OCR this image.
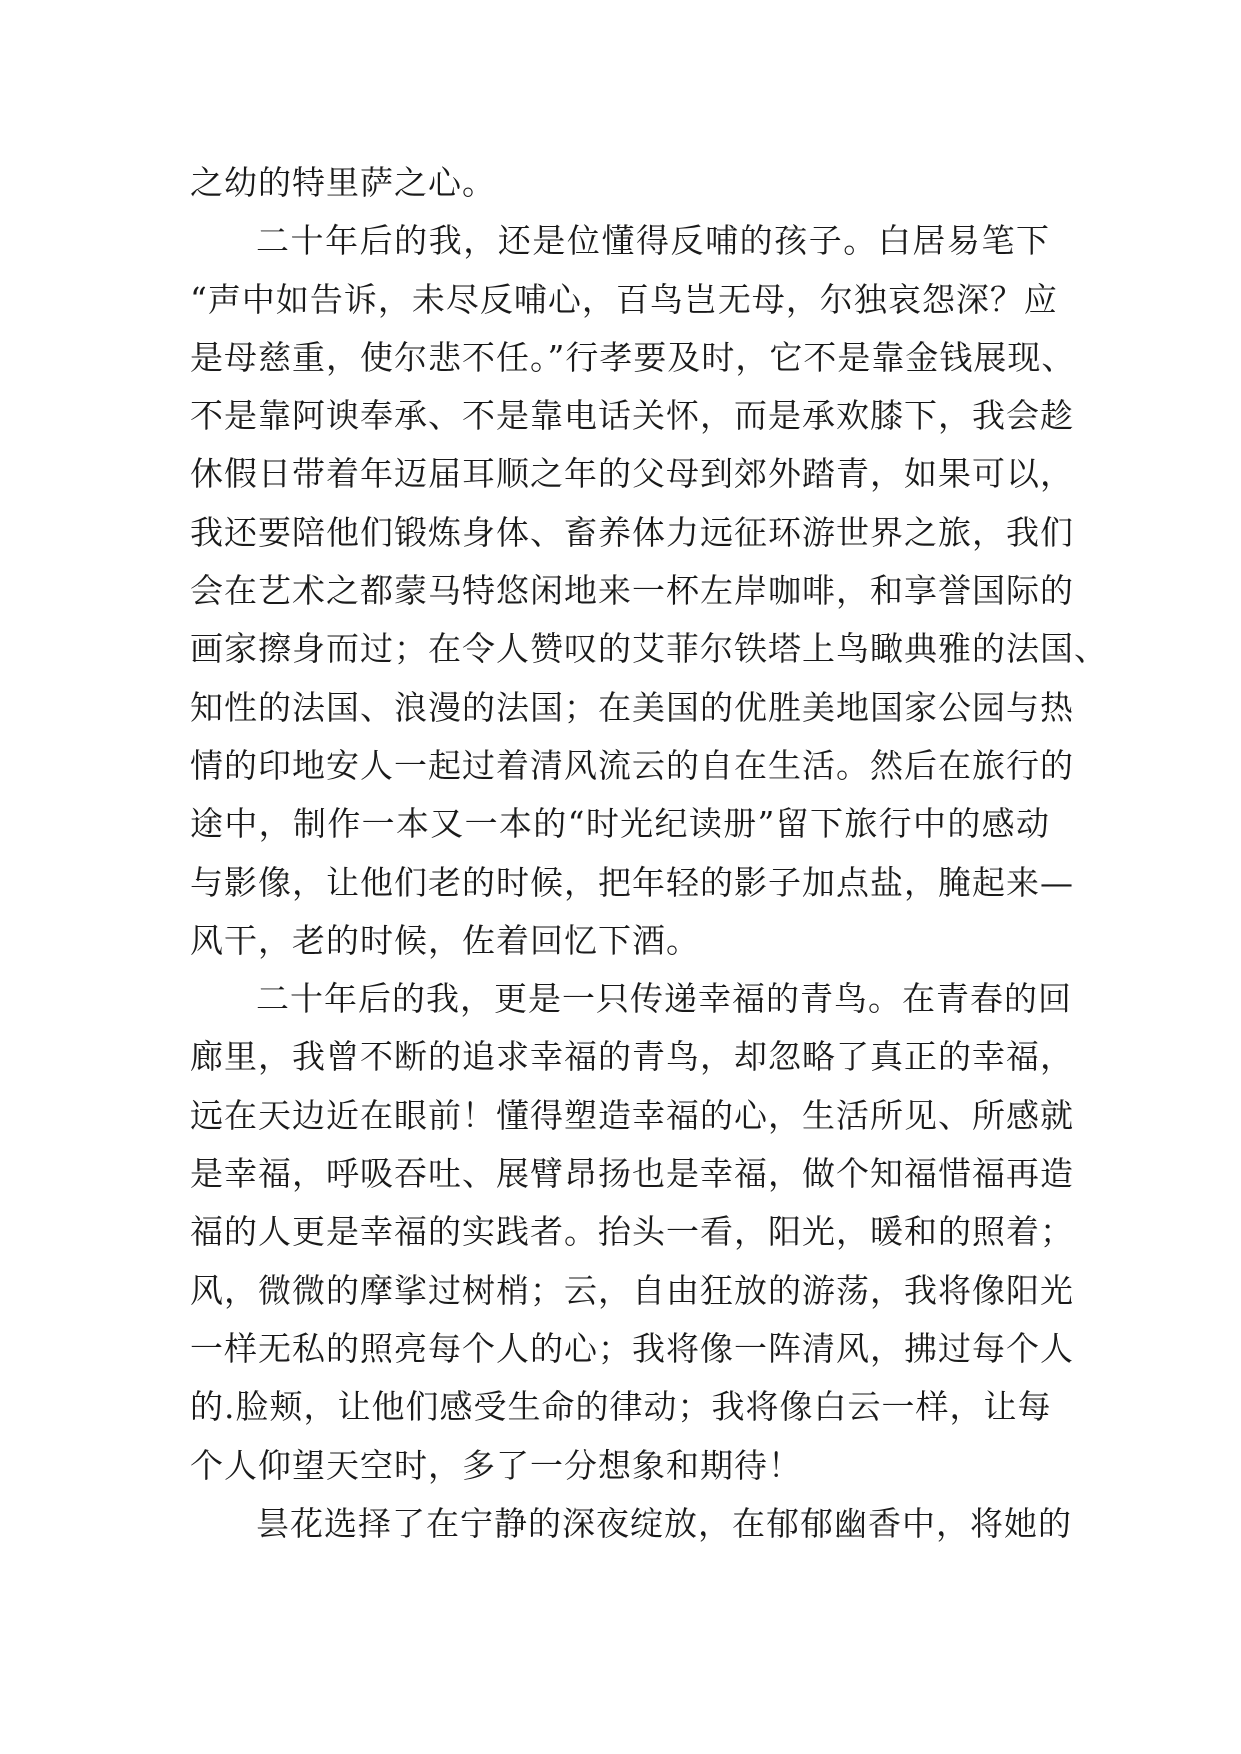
之幼的特里萨之心。
二十年后的我，还是位懂得反哺的孩子。白居易笔下
“声中如告诉，未尽反哺心，百鸟岂无母，尔独哀怨深？应
是母慈重，使尔悲不任。”行孝要及时，它不是靠金钱展现、
不是靠阿谀奉承、不是靠电话关怀，而是承欢膝下，我会趁
休假日带着年迈届耳顺之年的父母到郊外踏青，如果可以，
我还要陪他们锻炼身体、畜养体力远征环游世界之旅，我们
会在艺术之都蒙马特悠闲地来一杯左岸咖啡，和享誉国际的
画家擦身而过；在令人赞叹的艾菲尔铁塔上鸟瞰典雅的法国、
知性的法国、浪漫的法国；在美国的优胜美地国家公园与热
情的印地安人一起过着清风流云的自在生活。然后在旅行的
途中，制作一本又一本的“时光纪读册”留下旅行中的感动
与影像，让他们老的时候，把年轻的影子加点盐，腌起来—
风干，老的时候，佐着回忆下酒。
二十年后的我，更是一只传递幸福的青鸟。在青春的回
廊里，我曾不断的追求幸福的青鸟，却忽略了真正的幸福，
远在天边近在眼前！懂得塑造幸福的心，生活所见、所感就
是幸福，呼吸吞吐、展臂昂扬也是幸福，做个知福惜福再造
福的人更是幸福的实践者。抬头一看，阳光，暖和的照着；
风，微微的摩挲过树梢；云，自由狂放的游荡，我将像阳光
一样无私的照亮每个人的心；我将像一阵清风，拂过每个人
的.脸颊，让他们感受生命的律动；我将像白云一样，让每
个人仰望天空时，多了一分想象和期待！
昙花选择了在宁静的深夜绽放，在郁郁幽香中，将她的
